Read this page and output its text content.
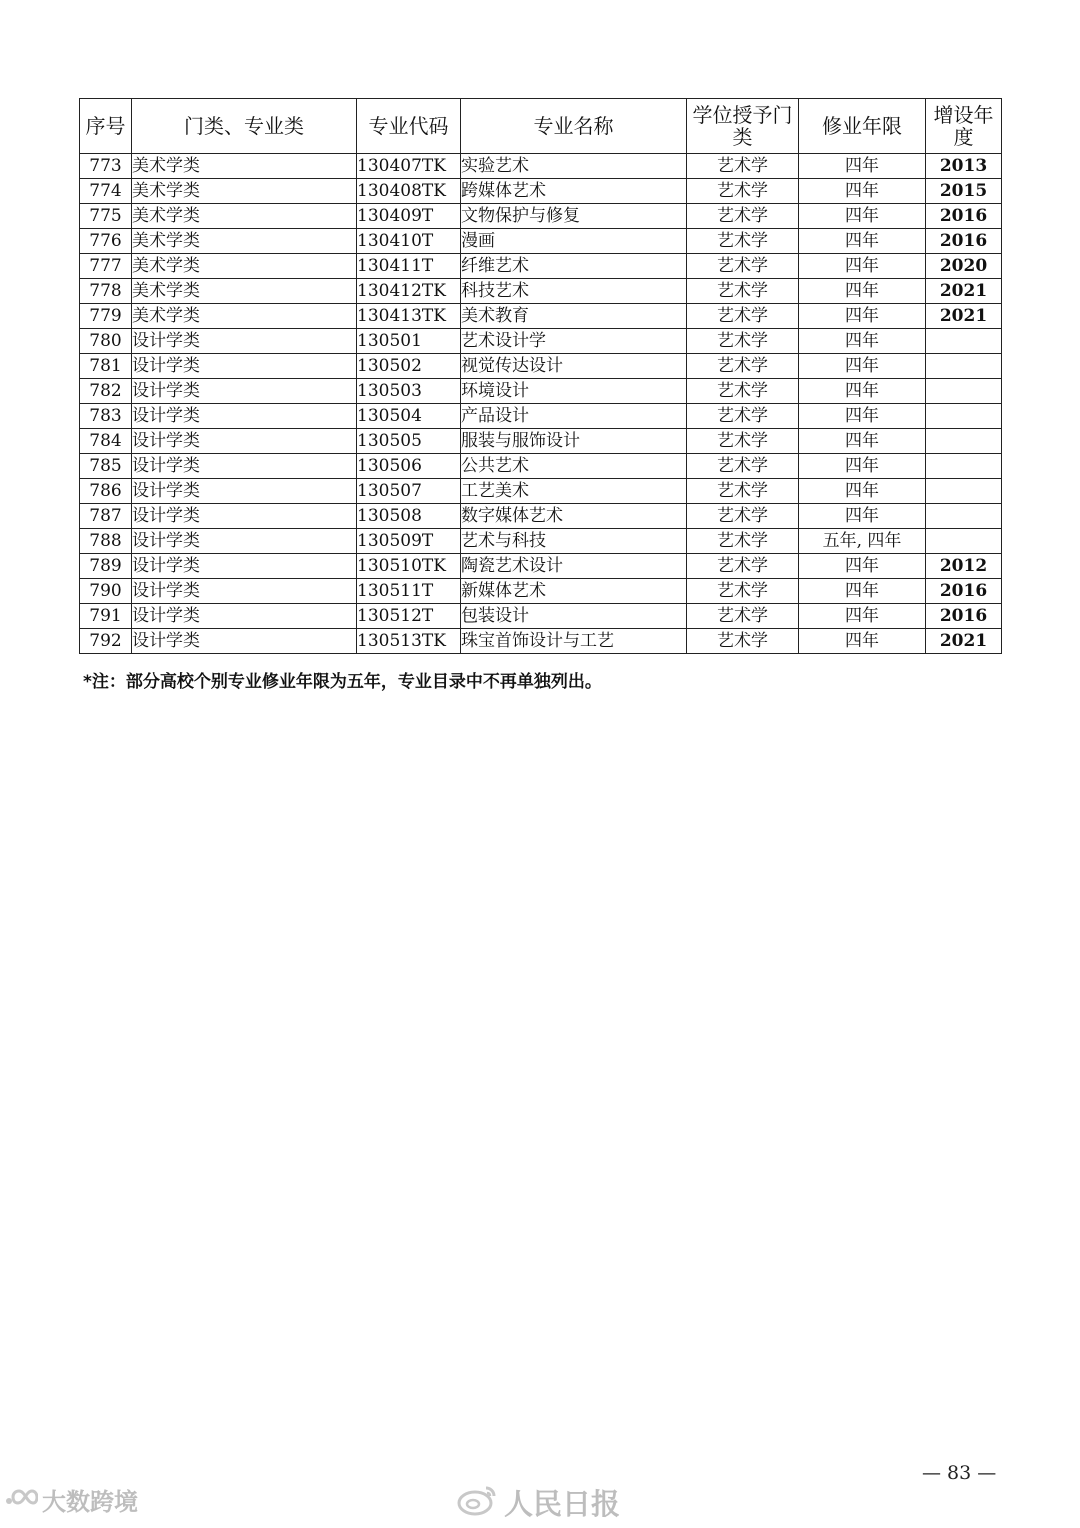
序号	门类、专业类	专业代码	专业名称	学位授予门类	修业年限	增设年度
773	美术学类	130407TK	实验艺术	艺术学	四年	2013
774	美术学类	130408TK	跨媒体艺术	艺术学	四年	2015
775	美术学类	130409T	文物保护与修复	艺术学	四年	2016
776	美术学类	130410T	漫画	艺术学	四年	2016
777	美术学类	130411T	纤维艺术	艺术学	四年	2020
778	美术学类	130412TK	科技艺术	艺术学	四年	2021
779	美术学类	130413TK	美术教育	艺术学	四年	2021
780	设计学类	130501	艺术设计学	艺术学	四年	
781	设计学类	130502	视觉传达设计	艺术学	四年	
782	设计学类	130503	环境设计	艺术学	四年	
783	设计学类	130504	产品设计	艺术学	四年	
784	设计学类	130505	服装与服饰设计	艺术学	四年	
785	设计学类	130506	公共艺术	艺术学	四年	
786	设计学类	130507	工艺美术	艺术学	四年	
787	设计学类	130508	数字媒体艺术	艺术学	四年	
788	设计学类	130509T	艺术与科技	艺术学	五年, 四年	
789	设计学类	130510TK	陶瓷艺术设计	艺术学	四年	2012
790	设计学类	130511T	新媒体艺术	艺术学	四年	2016
791	设计学类	130512T	包装设计	艺术学	四年	2016
792	设计学类	130513TK	珠宝首饰设计与工艺	艺术学	四年	2021
*注：部分高校个别专业修业年限为五年，专业目录中不再单独列出。
— 83 —
大数跨境	人民日报
